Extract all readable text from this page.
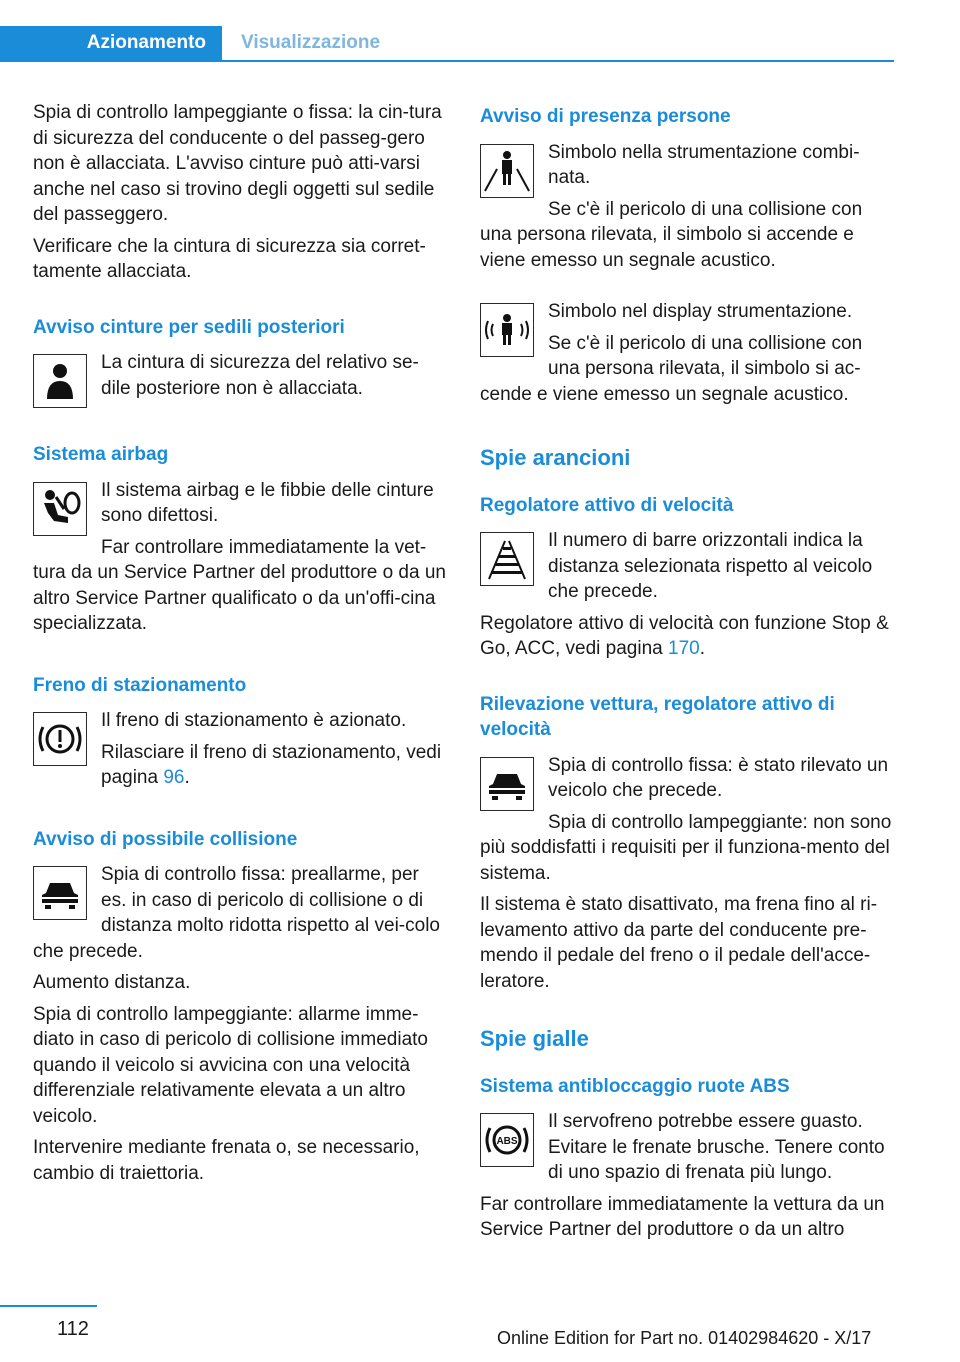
Azionamento	Visualizzazione

Spia di controllo lampeggiante o fissa: la cin-tura di sicurezza del conducente o del passeg-gero non è allacciata. L'avviso cinture può atti-varsi anche nel caso si trovino degli oggetti sul sedile del passeggero.

Verificare che la cintura di sicurezza sia corret-tamente allacciata.

Avviso cinture per sedili posteriori

La cintura di sicurezza del relativo se-dile posteriore non è allacciata.

Sistema airbag

Il sistema airbag e le fibbie delle cinture sono difettosi.

Far controllare immediatamente la vet-tura da un Service Partner del produttore o da un altro Service Partner qualificato o da un'offi-cina specializzata.

Freno di stazionamento

Il freno di stazionamento è azionato.

Rilasciare il freno di stazionamento, vedi pagina 96.

Avviso di possibile collisione

Spia di controllo fissa: preallarme, per es. in caso di pericolo di collisione o di distanza molto ridotta rispetto al vei-colo che precede.

Aumento distanza.

Spia di controllo lampeggiante: allarme imme-diato in caso di pericolo di collisione immediato quando il veicolo si avvicina con una velocità differenziale relativamente elevata a un altro veicolo.

Intervenire mediante frenata o, se necessario, cambio di traiettoria.

Avviso di presenza persone

Simbolo nella strumentazione combi-nata.

Se c'è il pericolo di una collisione con una persona rilevata, il simbolo si accende e viene emesso un segnale acustico.

Simbolo nel display strumentazione.

Se c'è il pericolo di una collisione con una persona rilevata, il simbolo si ac-cende e viene emesso un segnale acustico.

Spie arancioni
Regolatore attivo di velocità

Il numero di barre orizzontali indica la distanza selezionata rispetto al veicolo che precede.

Regolatore attivo di velocità con funzione Stop & Go, ACC, vedi pagina 170.

Rilevazione vettura, regolatore attivo di velocità

Spia di controllo fissa: è stato rilevato un veicolo che precede.

Spia di controllo lampeggiante: non sono più soddisfatti i requisiti per il funziona-mento del sistema.

Il sistema è stato disattivato, ma frena fino al ri-levamento attivo da parte del conducente pre-mendo il pedale del freno o il pedale dell'acce-leratore.

Spie gialle
Sistema antibloccaggio ruote ABS
ABS

Il servofreno potrebbe essere guasto. Evitare le frenate brusche. Tenere conto di uno spazio di frenata più lungo.

Far controllare immediatamente la vettura da un Service Partner del produttore o da un altro

112	Online Edition for Part no. 01402984620 - X/17
